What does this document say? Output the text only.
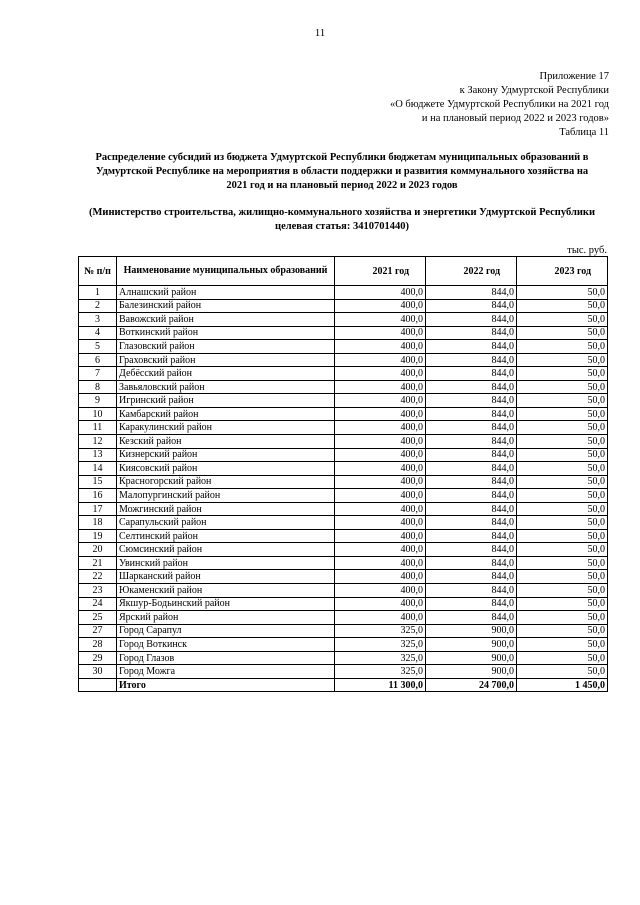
11
Приложение 17
к Закону Удмуртской Республики
«О бюджете Удмуртской Республики на 2021 год
и на плановый период 2022 и 2023 годов»
Таблица 11
Распределение субсидий из бюджета Удмуртской Республики бюджетам муниципальных образований в
Удмуртской Республике на мероприятия в области поддержки и развития коммунального хозяйства на
2021 год и на плановый период 2022 и 2023 годов
(Министерство строительства, жилищно-коммунального хозяйства и энергетики Удмуртской Республики
целевая статья: 3410701440)
тыс. руб.
№ п/п	Наименование муниципальных образований	2021 год	2022 год	2023 год
1	Алнашский район	400,0	844,0	50,0
2	Балезинский район	400,0	844,0	50,0
3	Вавожский район	400,0	844,0	50,0
4	Воткинский район	400,0	844,0	50,0
5	Глазовский район	400,0	844,0	50,0
6	Граховский район	400,0	844,0	50,0
7	Дебёсский район	400,0	844,0	50,0
8	Завьяловский район	400,0	844,0	50,0
9	Игринский район	400,0	844,0	50,0
10	Камбарский район	400,0	844,0	50,0
11	Каракулинский район	400,0	844,0	50,0
12	Кезский район	400,0	844,0	50,0
13	Кизнерский район	400,0	844,0	50,0
14	Киясовский район	400,0	844,0	50,0
15	Красногорский район	400,0	844,0	50,0
16	Малопургинский район	400,0	844,0	50,0
17	Можгинский район	400,0	844,0	50,0
18	Сарапульский район	400,0	844,0	50,0
19	Селтинский район	400,0	844,0	50,0
20	Сюмсинский район	400,0	844,0	50,0
21	Увинский район	400,0	844,0	50,0
22	Шарканский район	400,0	844,0	50,0
23	Юкаменский район	400,0	844,0	50,0
24	Якшур-Бодьинский район	400,0	844,0	50,0
25	Ярский район	400,0	844,0	50,0
27	Город Сарапул	325,0	900,0	50,0
28	Город Воткинск	325,0	900,0	50,0
29	Город Глазов	325,0	900,0	50,0
30	Город Можга	325,0	900,0	50,0
	Итого	11 300,0	24 700,0	1 450,0
